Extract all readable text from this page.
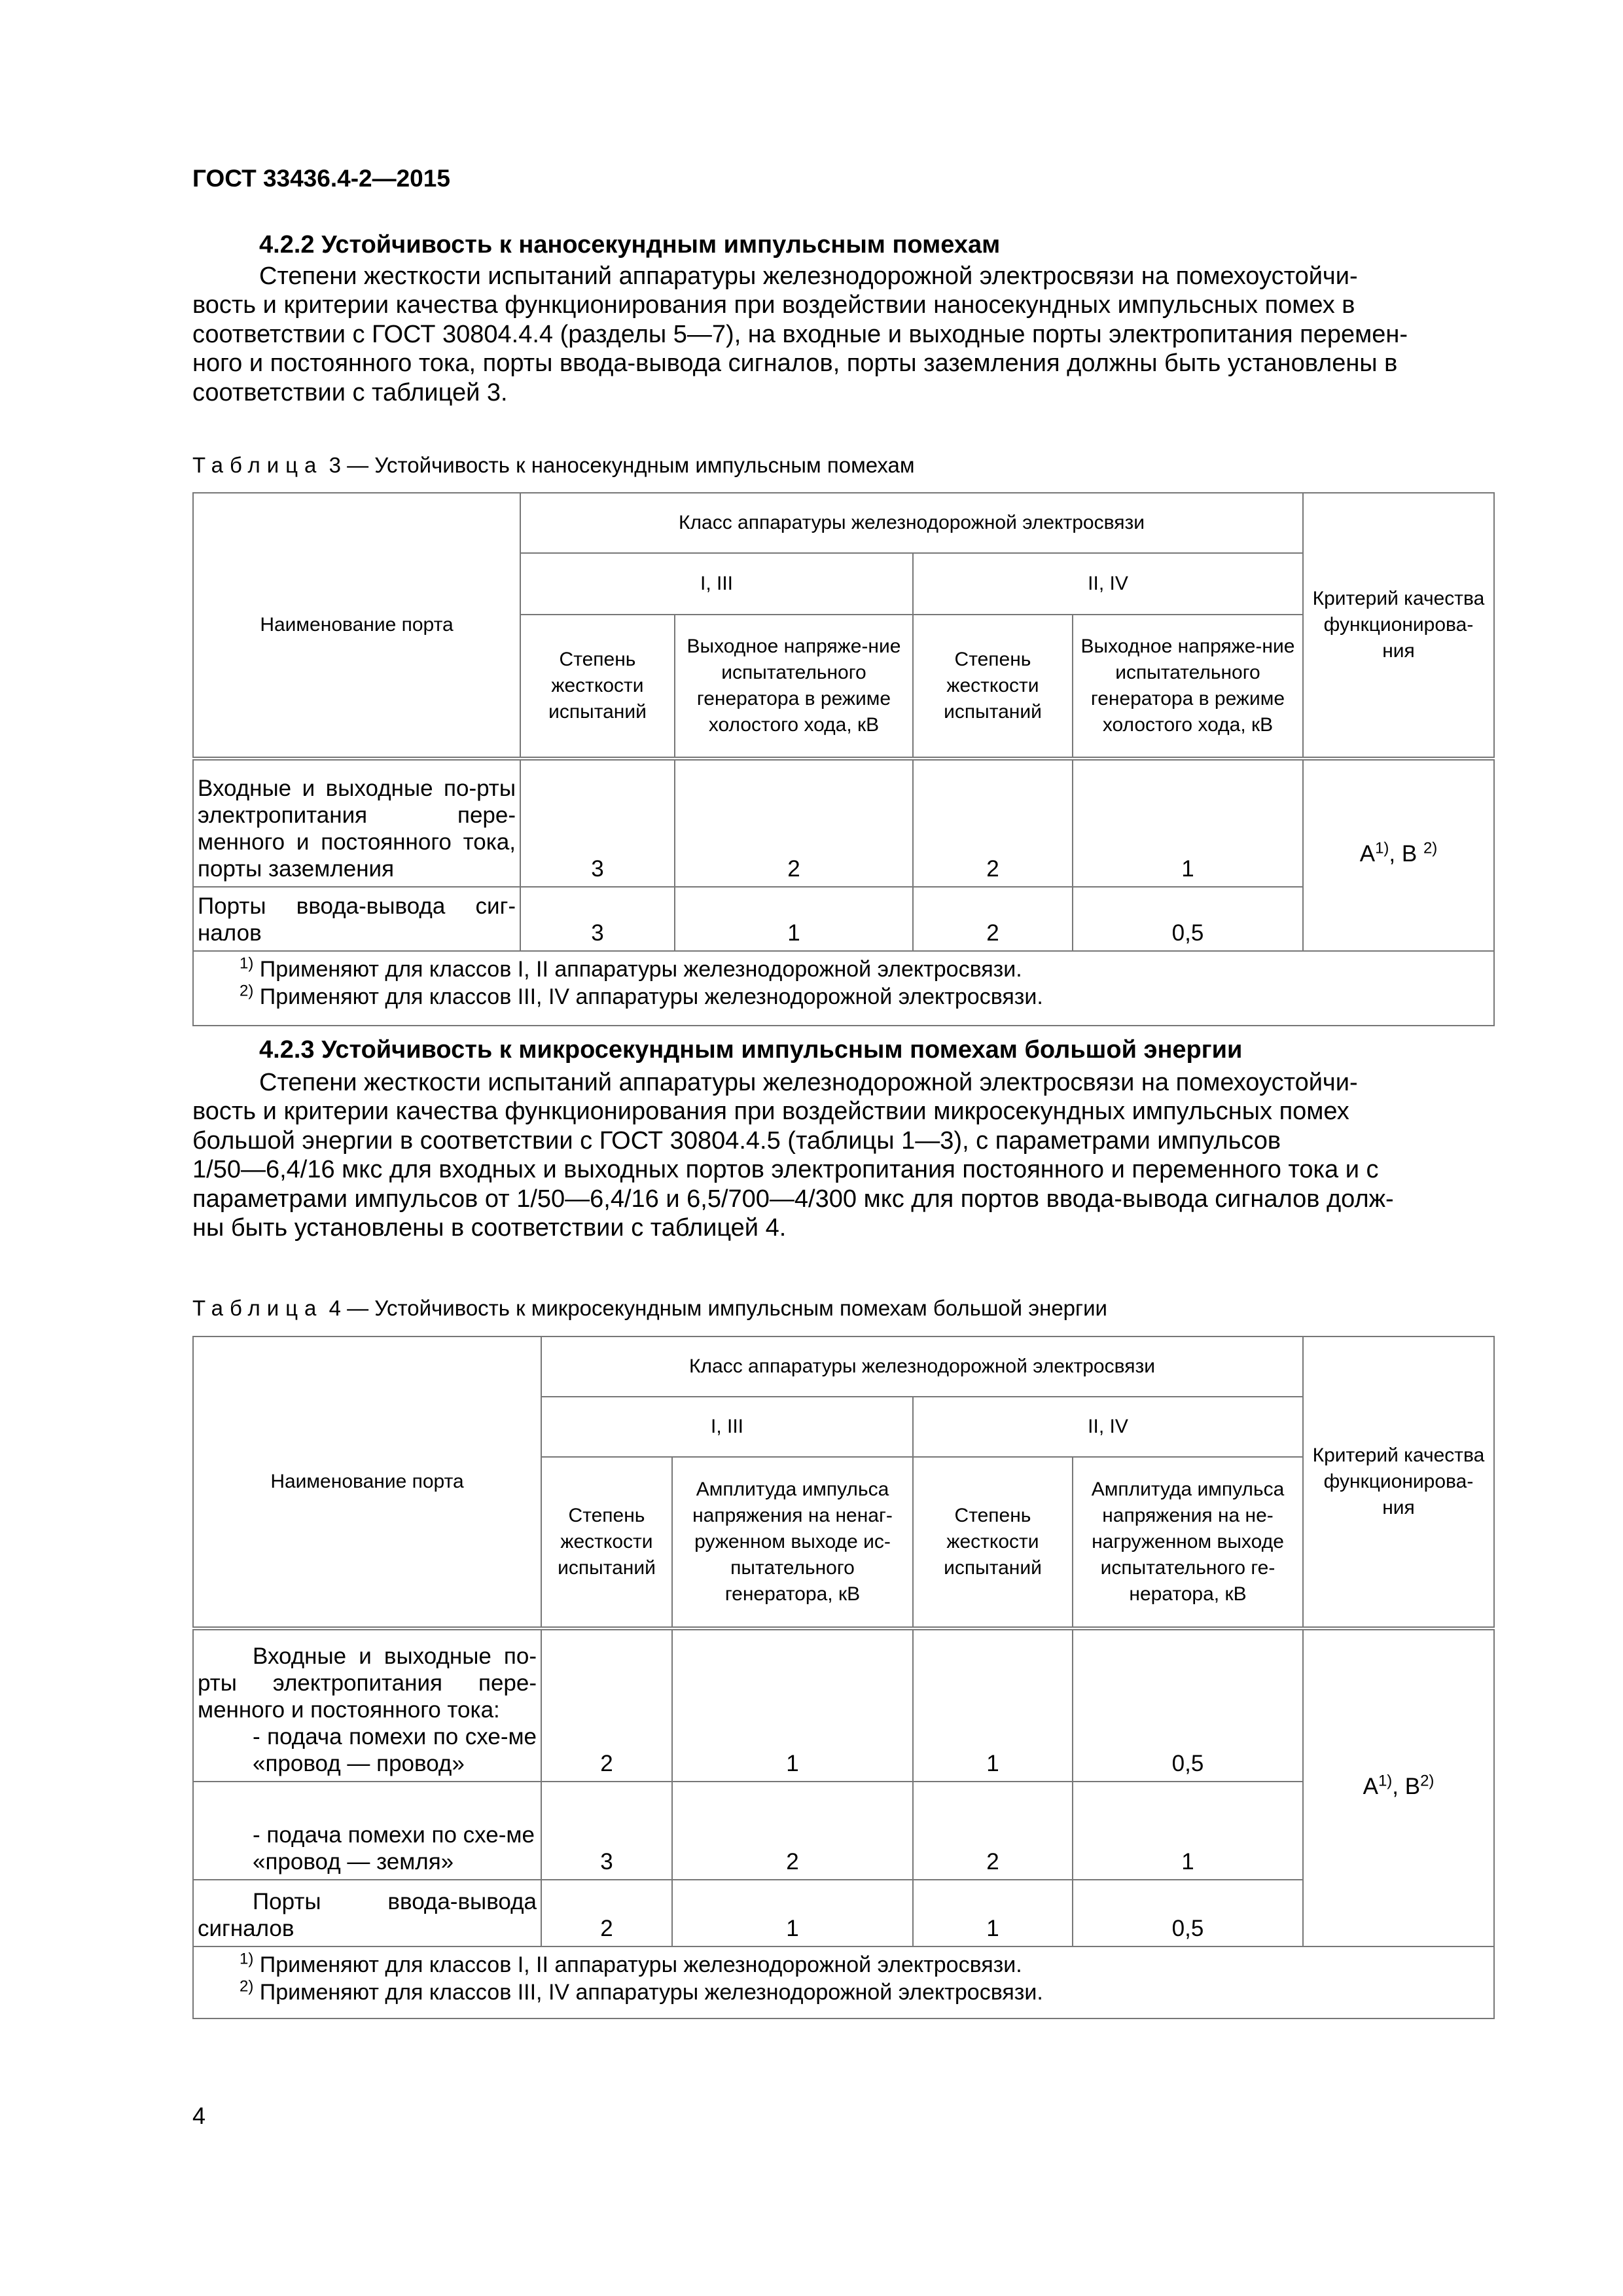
ГОСТ 33436.4-2—2015
4.2.2 Устойчивость к наносекундным импульсным помехам
Степени жесткости испытаний аппаратуры железнодорожной электросвязи на помехоустойчи-
вость и критерии качества функционирования при воздействии наносекундных импульсных помех в
соответствии с ГОСТ 30804.4.4 (разделы 5—7), на входные и выходные порты электропитания перемен-
ного и постоянного тока, порты ввода-вывода сигналов, порты заземления должны быть установлены в
соответствии с таблицей 3.
Таблица 3 — Устойчивость к наносекундным импульсным помехам
Наименование порта	Класс аппаратуры железнодорожной электросвязи				Критерий качества функционирова-ния
	I, III		II, IV		
	Степень жесткости испытаний	Выходное напряже-ние испытательного генератора в режиме холостого хода, кВ	Степень жесткости испытаний	Выходное напряже-ние испытательного генератора в режиме холостого хода, кВ	
Входные и выходные по-рты электропитания пере-менного и постоянного тока, порты заземления	3	2	2	1	$А^{1)}$, В $^{2)}$
Порты ввода-вывода сиг-налов	3	1	2	0,5	

$^{1)}$ Применяют для классов I, II аппаратуры железнодорожной электросвязи.
$^{2)}$ Применяют для классов III, IV аппаратуры железнодорожной электросвязи.					
4.2.3 Устойчивость к микросекундным импульсным помехам большой энергии
Степени жесткости испытаний аппаратуры железнодорожной электросвязи на помехоустойчи-
вость и критерии качества функционирования при воздействии микросекундных импульсных помех
большой энергии в соответствии с ГОСТ 30804.4.5 (таблицы 1—3), с параметрами импульсов
1/50—6,4/16 мкс для входных и выходных портов электропитания постоянного и переменного тока и с
параметрами импульсов от 1/50—6,4/16 и 6,5/700—4/300 мкс для портов ввода-вывода сигналов долж-
ны быть установлены в соответствии с таблицей 4.
Таблица 4 — Устойчивость к микросекундным импульсным помехам большой энергии
Наименование порта	Класс аппаратуры железнодорожной электросвязи				Критерий качества функционирова-ния
	I, III		II, IV		
	Степень жесткости испытаний	Амплитуда импульса напряжения на ненаг-руженном выходе ис-пытательного генератора, кВ	Степень жесткости испытаний	Амплитуда импульса напряжения на не-нагруженном выходе испытательного ге-нератора, кВ	

Входные и выходные по-рты электропитания пере-менного и постоянного тока:
- подача помехи по схе-ме «провод — провод»	2	1	1	0,5	$А^{1)}$, $В^{2)}$

- подача помехи по схе-ме
«провод — земля»	3	2	2	1	

Порты ввода-вывода сигналов	2	1	1	0,5	

$^{1)}$ Применяют для классов I, II аппаратуры железнодорожной электросвязи.
$^{2)}$ Применяют для классов III, IV аппаратуры железнодорожной электросвязи.					
4
